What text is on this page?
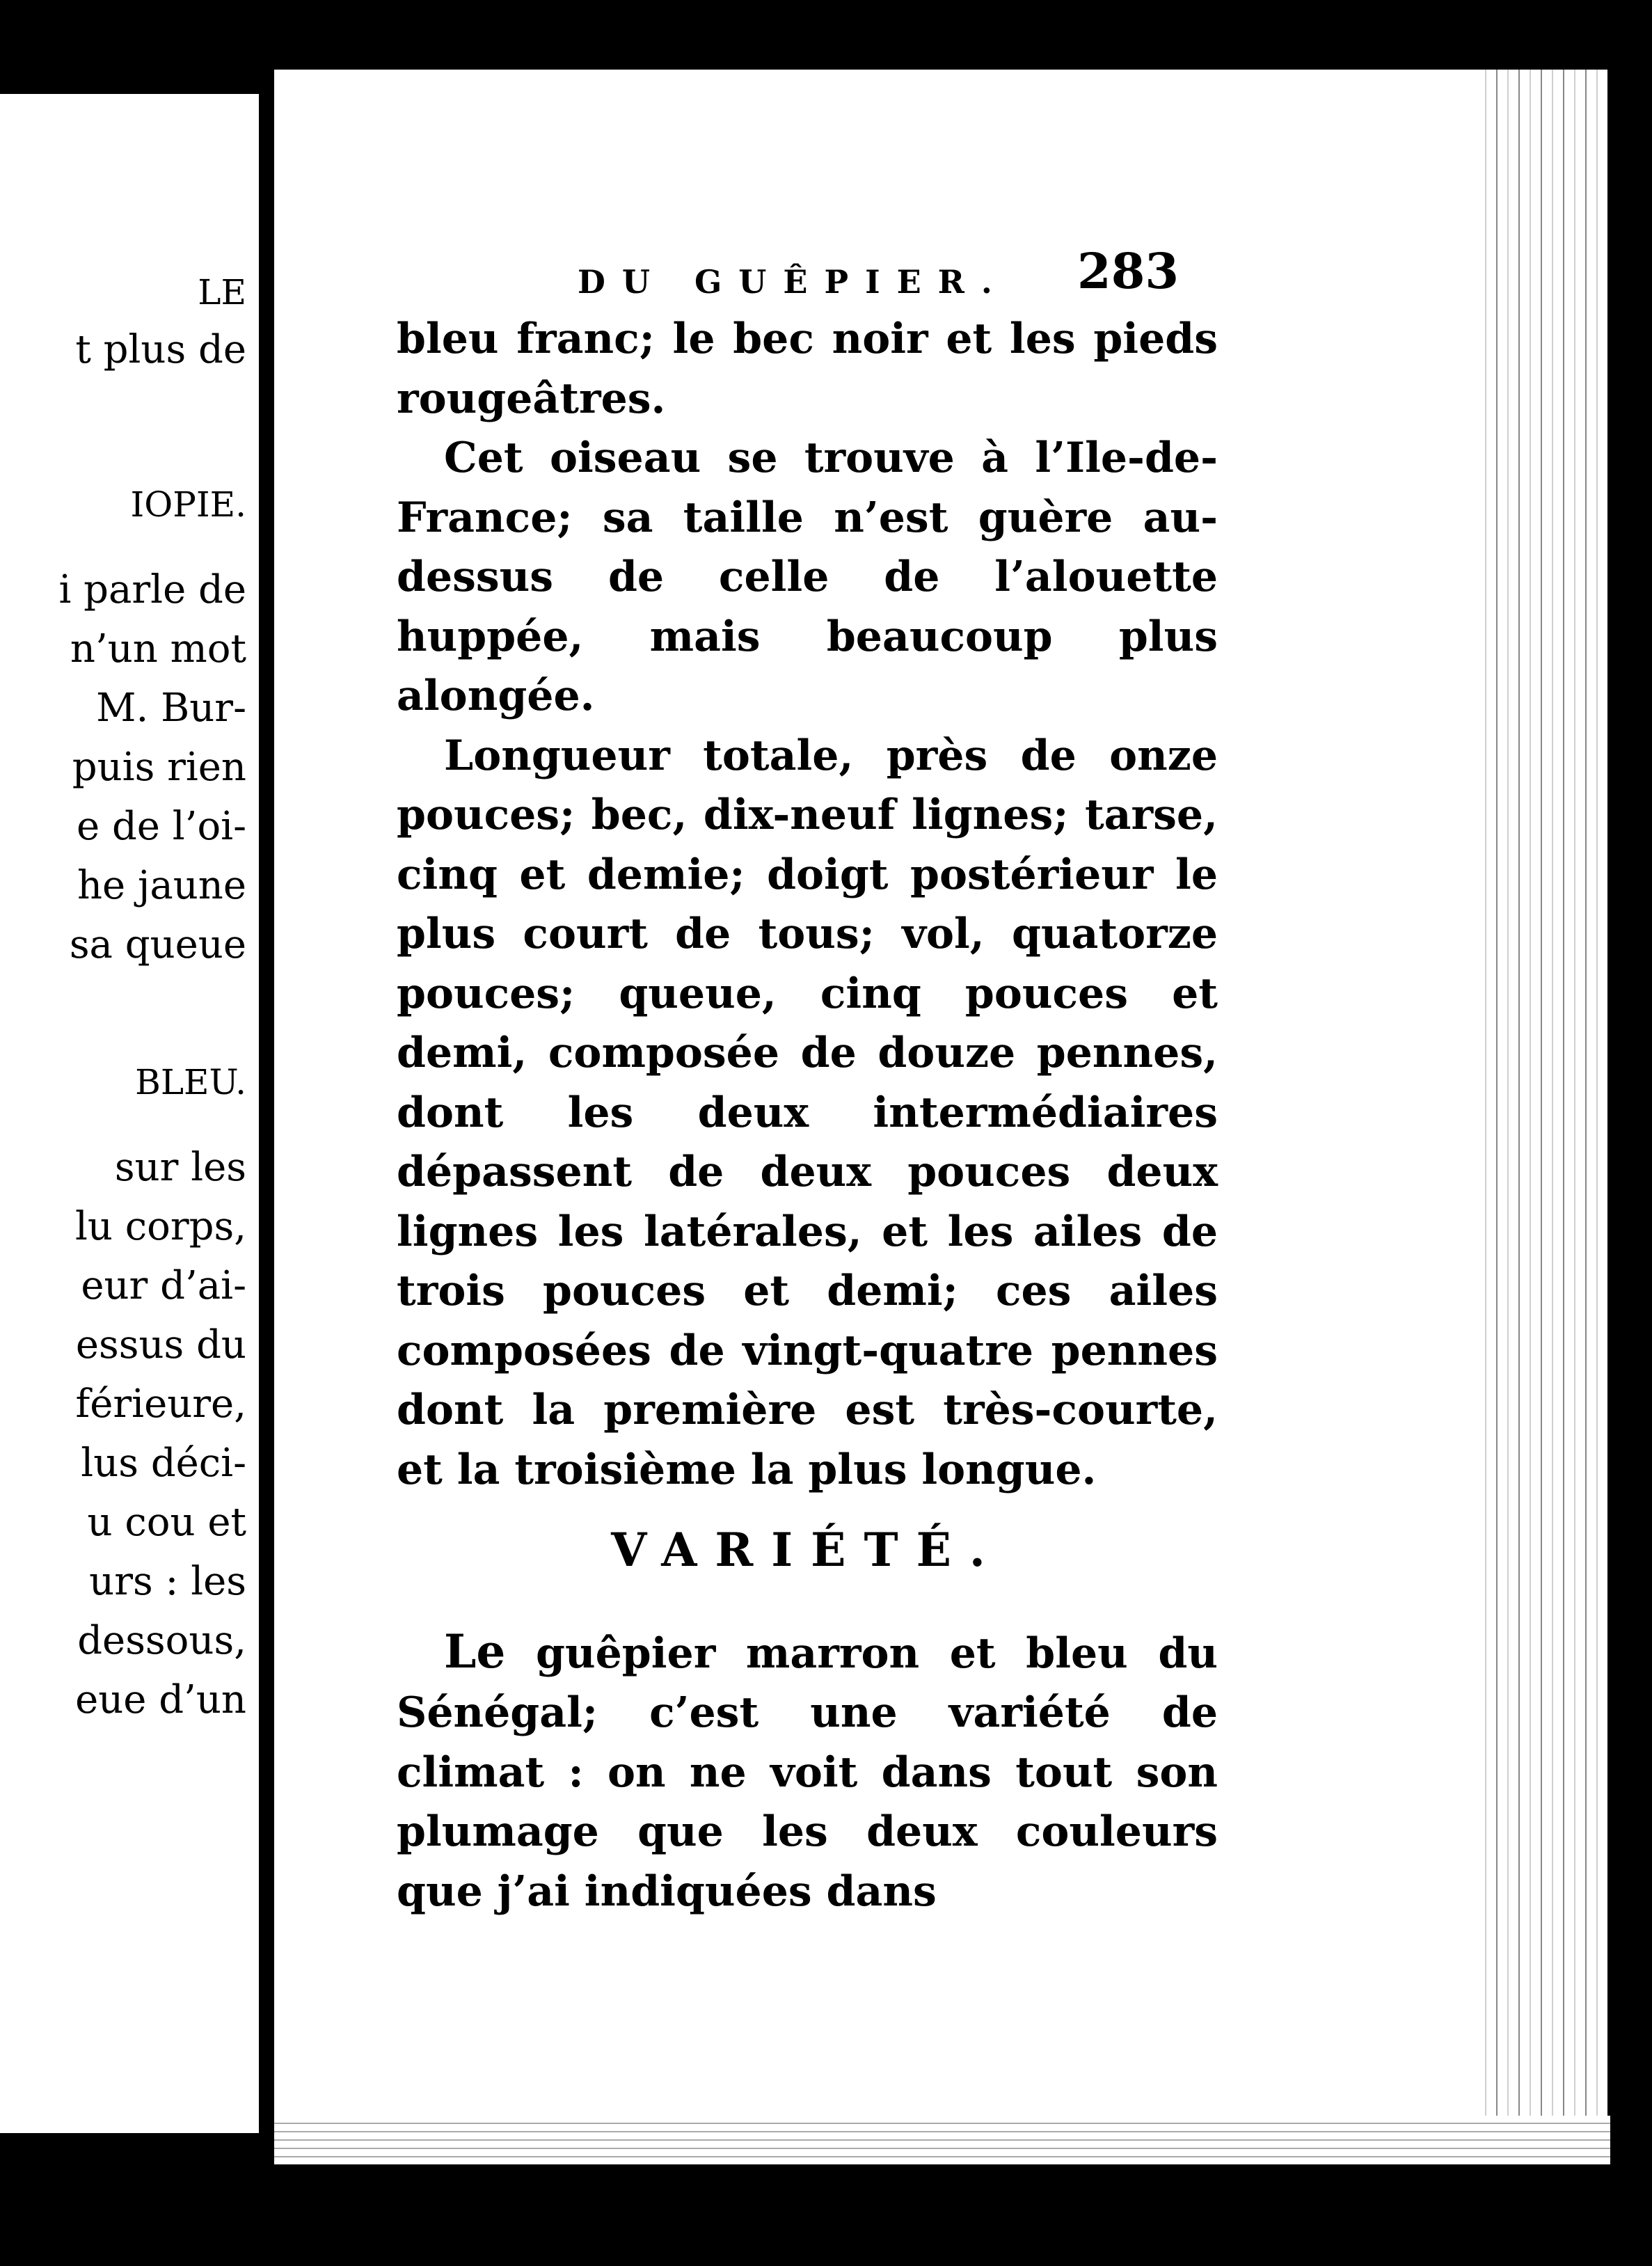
LE
t plus de
IOPIE.
i parle de
n’un mot
M. Bur-
puis rien
e de l’oi-
he jaune
sa queue
BLEU.
sur les
lu corps,
eur d’ai-
essus du
férieure,
lus déci-
u cou et
urs : les
dessous,
eue d’un
DU GUÊPIER. 283

bleu franc; le bec noir et les pieds rougeâtres.

Cet oiseau se trouve à l’Ile-de-France; sa taille n’est guère au-dessus de celle de l’alouette huppée, mais beaucoup plus alongée.

Longueur totale, près de onze pouces; bec, dix-neuf lignes; tarse, cinq et demie; doigt postérieur le plus court de tous; vol, quatorze pouces; queue, cinq pouces et demi, composée de douze pennes, dont les deux intermédiaires dépassent de deux pouces deux lignes les latérales, et les ailes de trois pouces et demi; ces ailes composées de vingt-quatre pennes dont la première est très-courte, et la troisième la plus longue.

VARIÉTÉ.

Le guêpier marron et bleu du Sénégal; c’est une variété de climat : on ne voit dans tout son plumage que les deux couleurs que j’ai indiquées dans
